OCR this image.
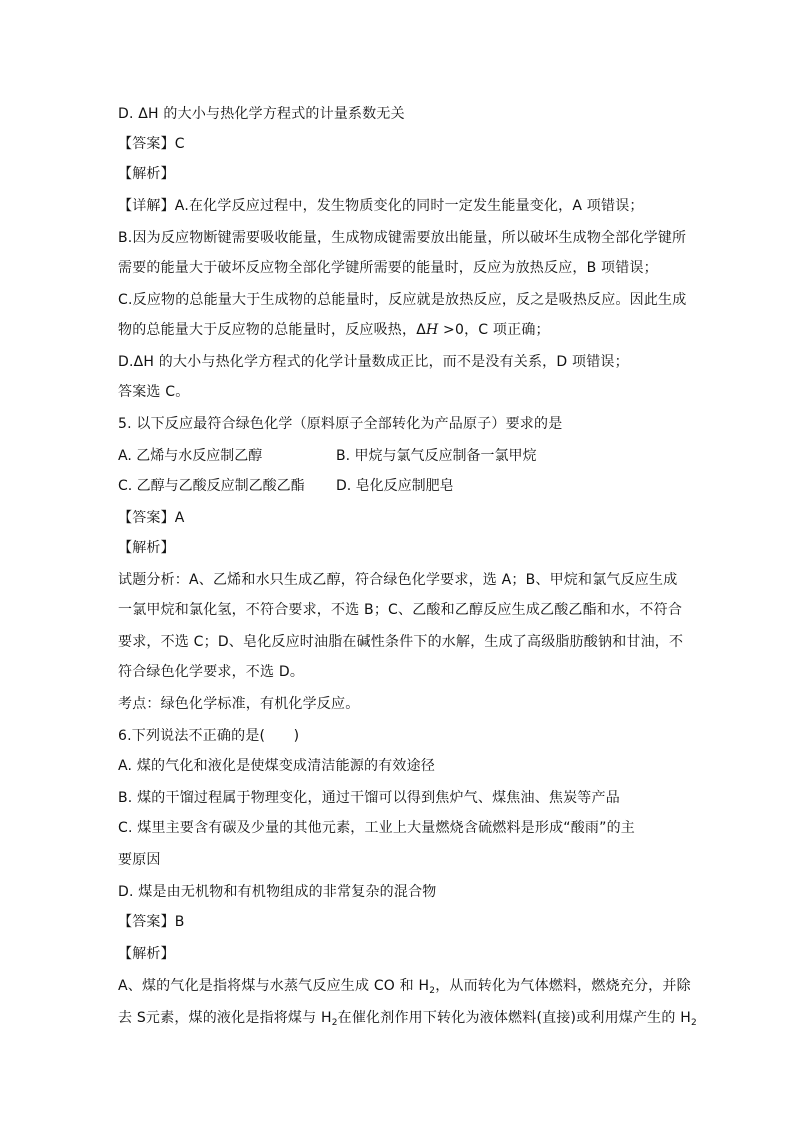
D. ΔH 的大小与热化学方程式的计量系数无关
【答案】C
【解析】
【详解】A.在化学反应过程中，发生物质变化的同时一定发生能量变化，A 项错误；
B.因为反应物断键需要吸收能量，生成物成键需要放出能量，所以破坏生成物全部化学键所
需要的能量大于破坏反应物全部化学键所需要的能量时，反应为放热反应，B 项错误；
C.反应物的总能量大于生成物的总能量时，反应就是放热反应，反之是吸热反应。因此生成
物的总能量大于反应物的总能量时，反应吸热，ΔH >0，C 项正确；
D.ΔH 的大小与热化学方程式的化学计量数成正比，而不是没有关系，D 项错误；
答案选 C。
5. 以下反应最符合绿色化学（原料原子全部转化为产品原子）要求的是
A. 乙烯与水反应制乙醇	B. 甲烷与氯气反应制备一氯甲烷
C. 乙醇与乙酸反应制乙酸乙酯 D. 皂化反应制肥皂
【答案】A
【解析】
试题分析：A、乙烯和水只生成乙醇，符合绿色化学要求，选 A；B、甲烷和氯气反应生成
一氯甲烷和氯化氢，不符合要求，不选 B；C、乙酸和乙醇反应生成乙酸乙酯和水，不符合
要求，不选 C；D、皂化反应时油脂在碱性条件下的水解，生成了高级脂肪酸钠和甘油，不
符合绿色化学要求，不选 D。
考点：绿色化学标准，有机化学反应。
6.下列说法不正确的是(　　)
A. 煤的气化和液化是使煤变成清洁能源的有效途径
B. 煤的干馏过程属于物理变化，通过干馏可以得到焦炉气、煤焦油、焦炭等产品
C. 煤里主要含有碳及少量的其他元素，工业上大量燃烧含硫燃料是形成“酸雨”的主
要原因
D. 煤是由无机物和有机物组成的非常复杂的混合物
【答案】B
【解析】
A、煤的气化是指将煤与水蒸气反应生成 CO 和 $H_2$，从而转化为气体燃料，燃烧充分，并除
去 S元素，煤的液化是指将煤与 $H_2$在催化剂作用下转化为液体燃料(直接)或利用煤产生的 $H_2$
